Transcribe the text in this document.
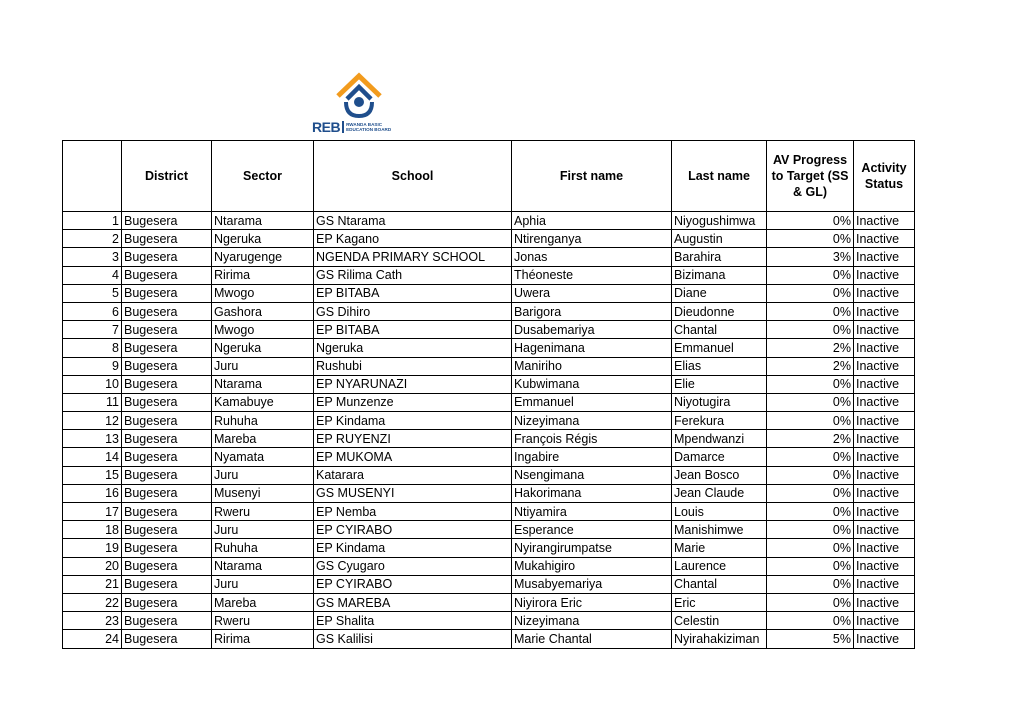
REB RWANDA BASIC
EDUCATION BOARD
	District	Sector	School	First name	Last name	AV Progress to Target (SS & GL)	Activity Status
1	Bugesera	Ntarama	GS Ntarama	Aphia	Niyogushimwa	0%	Inactive
2	Bugesera	Ngeruka	EP Kagano	Ntirenganya	Augustin	0%	Inactive
3	Bugesera	Nyarugenge	NGENDA PRIMARY SCHOOL	Jonas	Barahira	3%	Inactive
4	Bugesera	Ririma	GS Rilima Cath	Théoneste	Bizimana	0%	Inactive
5	Bugesera	Mwogo	EP BITABA	Uwera	Diane	0%	Inactive
6	Bugesera	Gashora	GS Dihiro	Barigora	Dieudonne	0%	Inactive
7	Bugesera	Mwogo	EP BITABA	Dusabemariya	Chantal	0%	Inactive
8	Bugesera	Ngeruka	Ngeruka	Hagenimana	Emmanuel	2%	Inactive
9	Bugesera	Juru	Rushubi	Maniriho	Elias	2%	Inactive
10	Bugesera	Ntarama	EP NYARUNAZI	Kubwimana	Elie	0%	Inactive
11	Bugesera	Kamabuye	EP Munzenze	Emmanuel	Niyotugira	0%	Inactive
12	Bugesera	Ruhuha	EP Kindama	Nizeyimana	Ferekura	0%	Inactive
13	Bugesera	Mareba	EP RUYENZI	François Régis	Mpendwanzi	2%	Inactive
14	Bugesera	Nyamata	EP MUKOMA	Ingabire	Damarce	0%	Inactive
15	Bugesera	Juru	Katarara	Nsengimana	Jean Bosco	0%	Inactive
16	Bugesera	Musenyi	GS MUSENYI	Hakorimana	Jean Claude	0%	Inactive
17	Bugesera	Rweru	EP Nemba	Ntiyamira	Louis	0%	Inactive
18	Bugesera	Juru	EP CYIRABO	Esperance	Manishimwe	0%	Inactive
19	Bugesera	Ruhuha	EP Kindama	Nyirangirumpatse	Marie	0%	Inactive
20	Bugesera	Ntarama	GS Cyugaro	Mukahigiro	Laurence	0%	Inactive
21	Bugesera	Juru	EP CYIRABO	Musabyemariya	Chantal	0%	Inactive
22	Bugesera	Mareba	GS MAREBA	Niyirora Eric	Eric	0%	Inactive
23	Bugesera	Rweru	EP Shalita	Nizeyimana	Celestin	0%	Inactive
24	Bugesera	Ririma	GS Kalilisi	Marie Chantal	Nyirahakiziman	5%	Inactive
